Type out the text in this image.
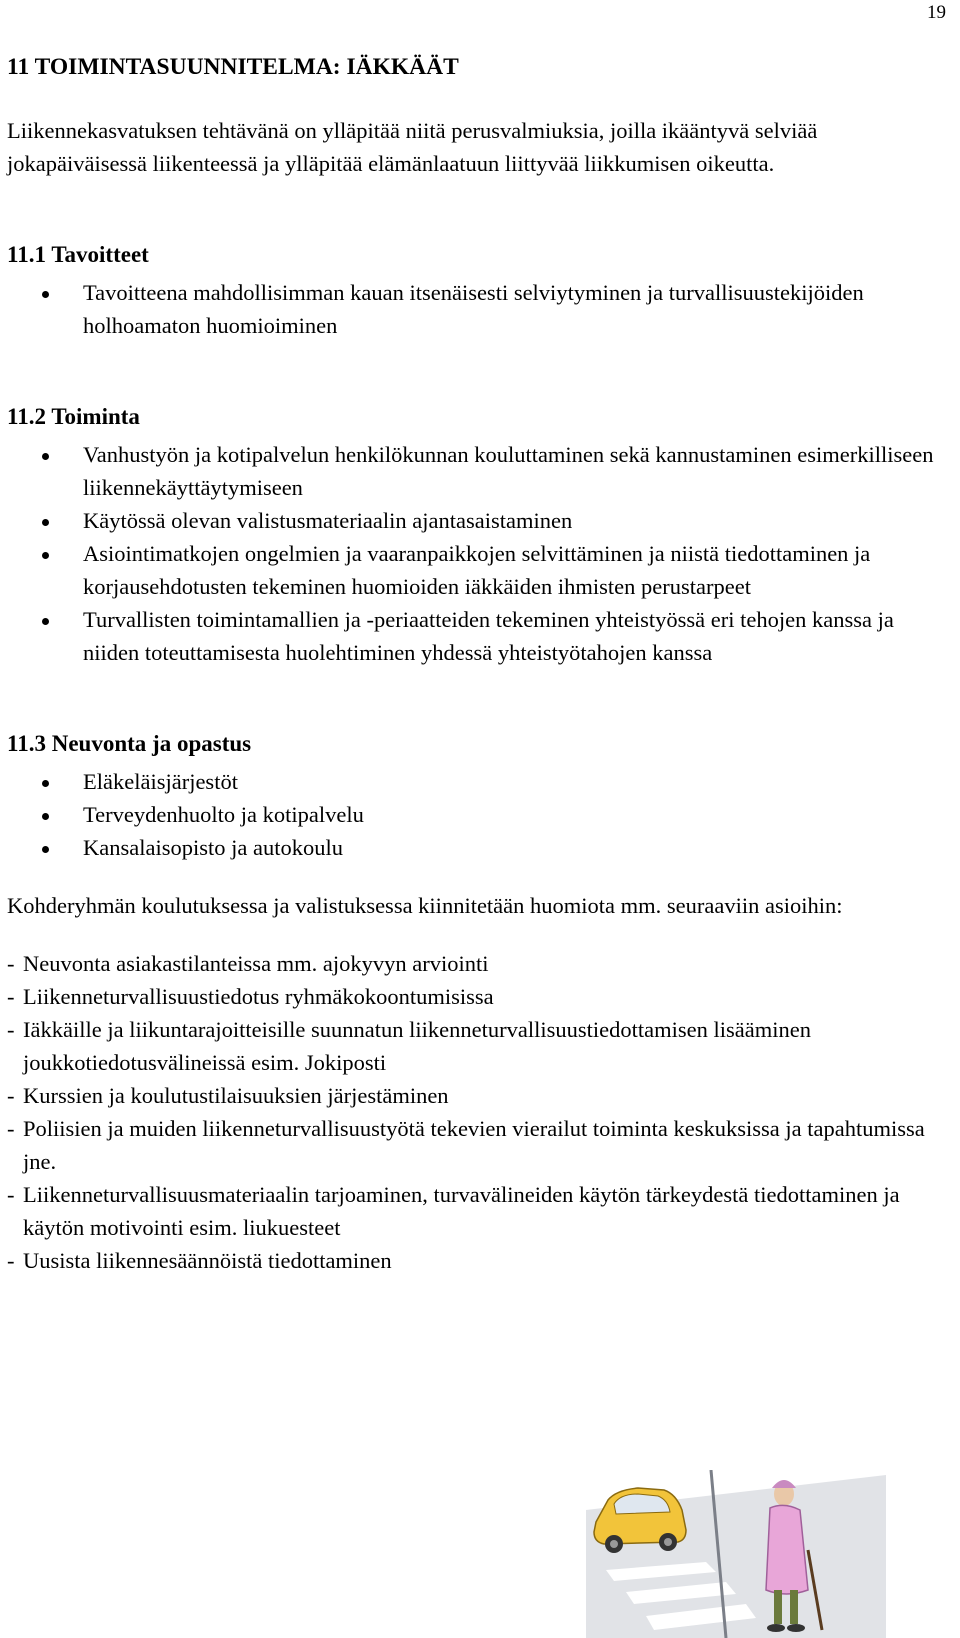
19
11 TOIMINTASUUNNITELMA: IÄKKÄÄT

Liikennekasvatuksen tehtävänä on ylläpitää niitä perusvalmiuksia, joilla ikääntyvä selviää jokapäiväisessä liikenteessä ja ylläpitää elämänlaatuun liittyvää liikkumisen oikeutta.

11.1 Tavoitteet
Tavoitteena mahdollisimman kauan itsenäisesti selviytyminen ja turvallisuustekijöiden holhoamaton huomioiminen
11.2 Toiminta
Vanhustyön ja kotipalvelun henkilökunnan kouluttaminen sekä kannustaminen esimerkilliseen liikennekäyttäytymiseen
Käytössä olevan valistusmateriaalin ajantasaistaminen
Asiointimatkojen ongelmien ja vaaranpaikkojen selvittäminen ja niistä tiedottaminen ja korjausehdotusten tekeminen huomioiden iäkkäiden ihmisten perustarpeet
Turvallisten toimintamallien ja -periaatteiden tekeminen yhteistyössä eri tehojen kanssa ja niiden toteuttamisesta huolehtiminen yhdessä yhteistyötahojen kanssa
11.3 Neuvonta ja opastus
Eläkeläisjärjestöt
Terveydenhuolto ja kotipalvelu
Kansalaisopisto ja autokoulu

Kohderyhmän koulutuksessa ja valistuksessa kiinnitetään huomiota mm. seuraaviin asioihin:

- Neuvonta asiakastilanteissa mm. ajokyvyn arviointi
- Liikenneturvallisuustiedotus ryhmäkokoontumisissa
- Iäkkäille ja liikuntarajoitteisille suunnatun liikenneturvallisuustiedottamisen lisääminen joukkotiedotusvälineissä esim. Jokiposti
- Kurssien ja koulutustilaisuuksien järjestäminen
- Poliisien ja muiden liikenneturvallisuustyötä tekevien vierailut toiminta keskuksissa ja tapahtumissa jne.
- Liikenneturvallisuusmateriaalin tarjoaminen, turvavälineiden käytön tärkeydestä tiedottaminen ja käytön motivointi esim. liukuesteet
- Uusista liikennesäännöistä tiedottaminen
